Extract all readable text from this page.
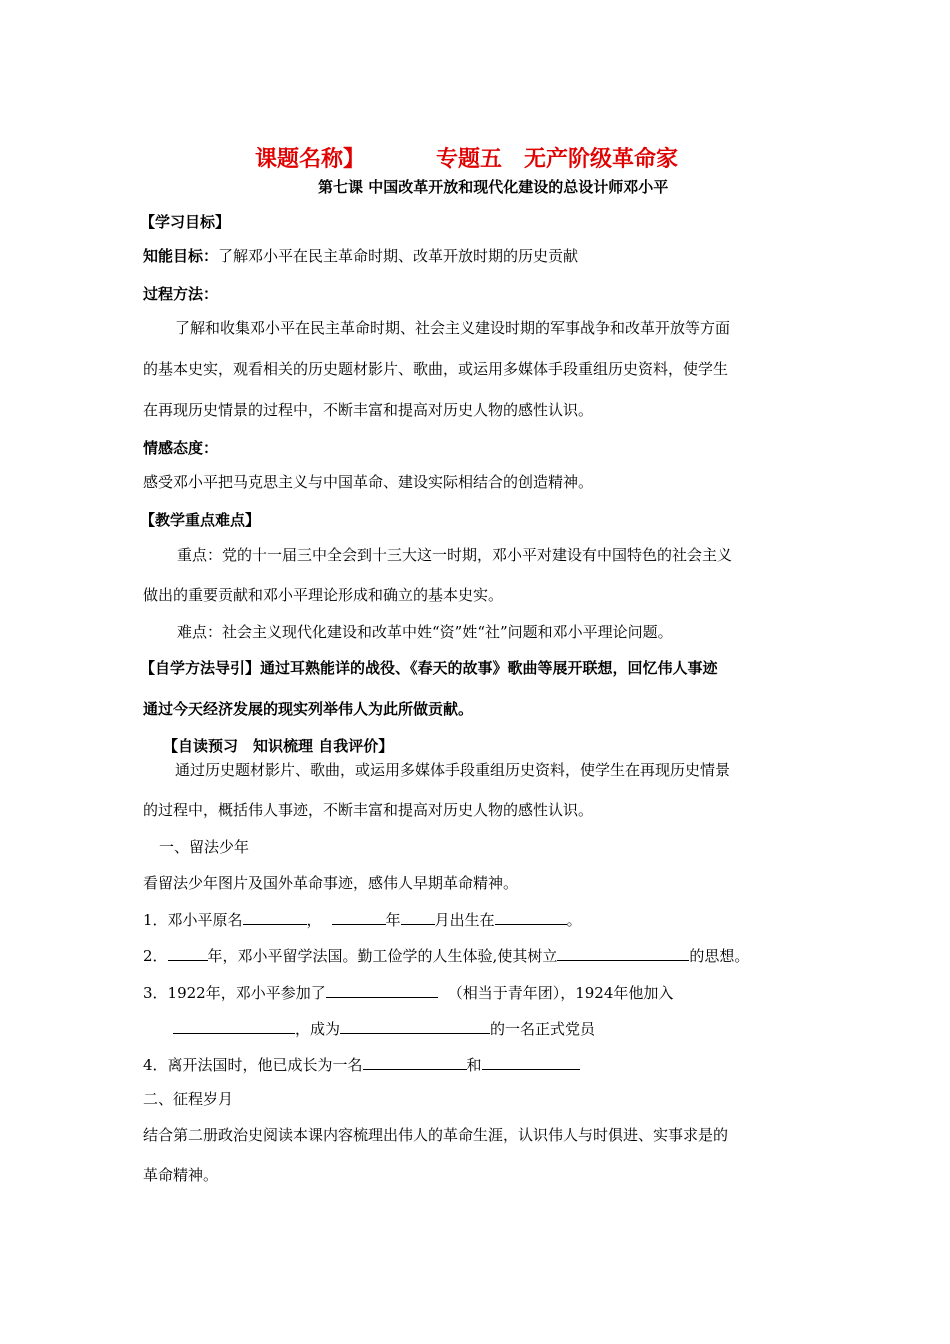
课题名称】	专题五　无产阶级革命家
第七课 中国改革开放和现代化建设的总设计师邓小平
【学习目标】
知能目标：了解邓小平在民主革命时期、改革开放时期的历史贡献
过程方法：
了解和收集邓小平在民主革命时期、社会主义建设时期的军事战争和改革开放等方面
的基本史实，观看相关的历史题材影片、歌曲，或运用多媒体手段重组历史资料，使学生
在再现历史情景的过程中，不断丰富和提高对历史人物的感性认识。
情感态度：
感受邓小平把马克思主义与中国革命、建设实际相结合的创造精神。
【教学重点难点】
重点：党的十一届三中全会到十三大这一时期，邓小平对建设有中国特色的社会主义
做出的重要贡献和邓小平理论形成和确立的基本史实。
难点：社会主义现代化建设和改革中姓“资”姓“社”问题和邓小平理论问题。
【自学方法导引】通过耳熟能详的战役、《春天的故事》歌曲等展开联想，回忆伟人事迹
通过今天经济发展的现实列举伟人为此所做贡献。
【自读预习　知识梳理 自我评价】
通过历史题材影片、歌曲，或运用多媒体手段重组历史资料，使学生在再现历史情景
的过程中，概括伟人事迹，不断丰富和提高对历史人物的感性认识。
一、留法少年
看留法少年图片及国外革命事迹，感伟人早期革命精神。
1．邓小平原名	，	年 月出生在	。
2．	年，邓小平留学法国。勤工俭学的人生体验,使其树立	的思想。
3．1922年，邓小平参加了	（相当于青年团），1924年他加入
，成为	的一名正式党员
4．离开法国时，他已成长为一名	和
二、征程岁月
结合第二册政治史阅读本课内容梳理出伟人的革命生涯，认识伟人与时俱进、实事求是的
革命精神。
